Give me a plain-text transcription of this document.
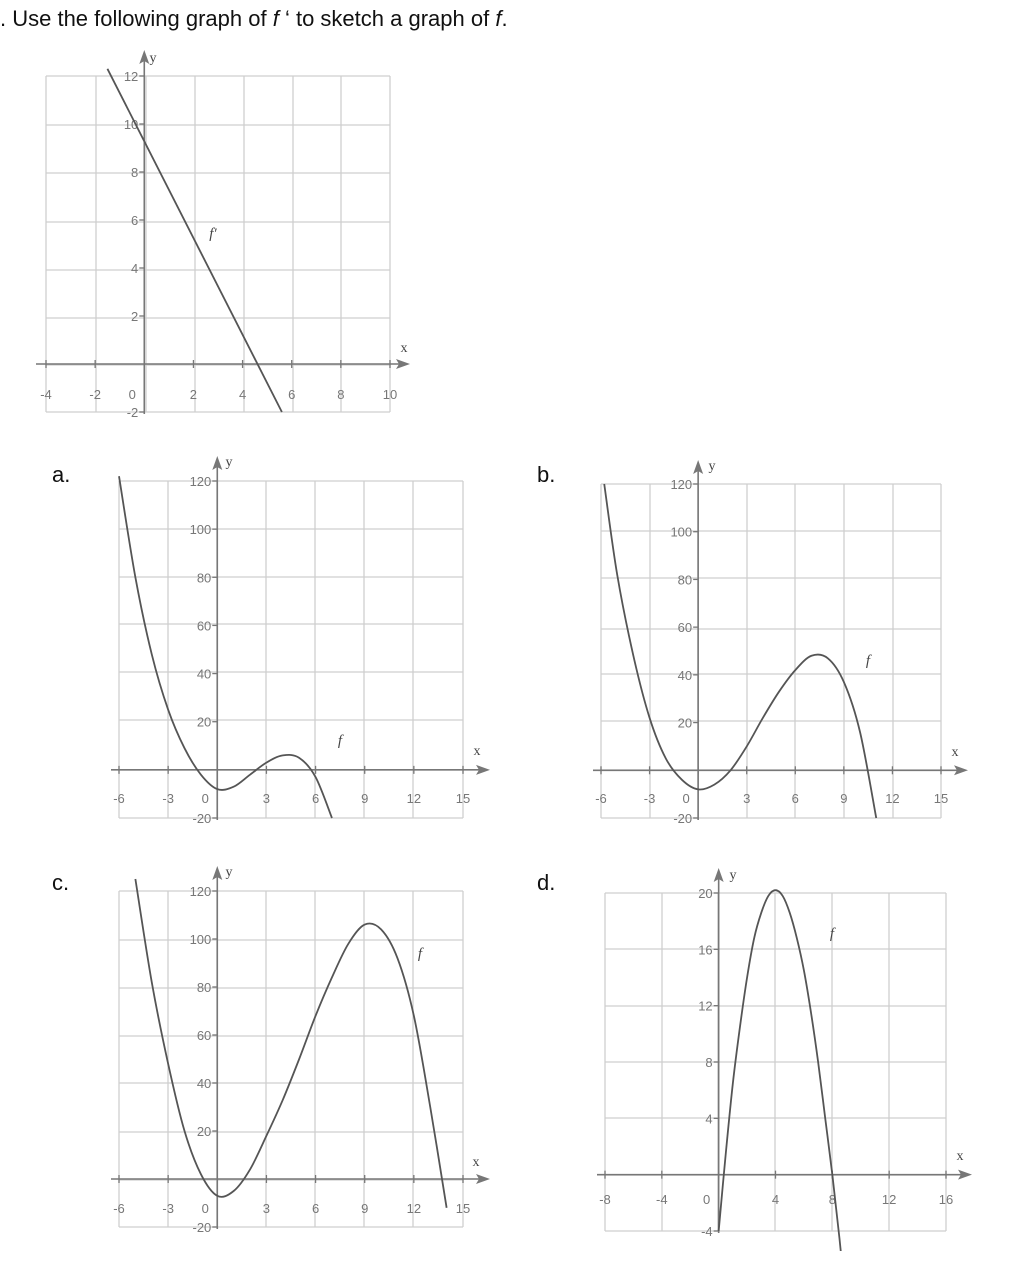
. Use the following graph of f ‘ to sketch a graph of f.
a.	b.
c.	d.
-4	-2 0	2	4	6	8	10
-2
2
4
6
8
10
12
x
y
f′
-6	-3 0	3	6	9	12	15
-20
20
40
60
80
100
120
x
y
f
-6	-3 0	3	6	9	12	15
-20
20
40
60
80
100
120
x
y
f
-6	-3 0	3	6	9	12	15
-20
20
40
60
80
100
120
x
y
f
-8	-4	0	4	8	12	16
-4
4
8
12
16
20
x
y
f
